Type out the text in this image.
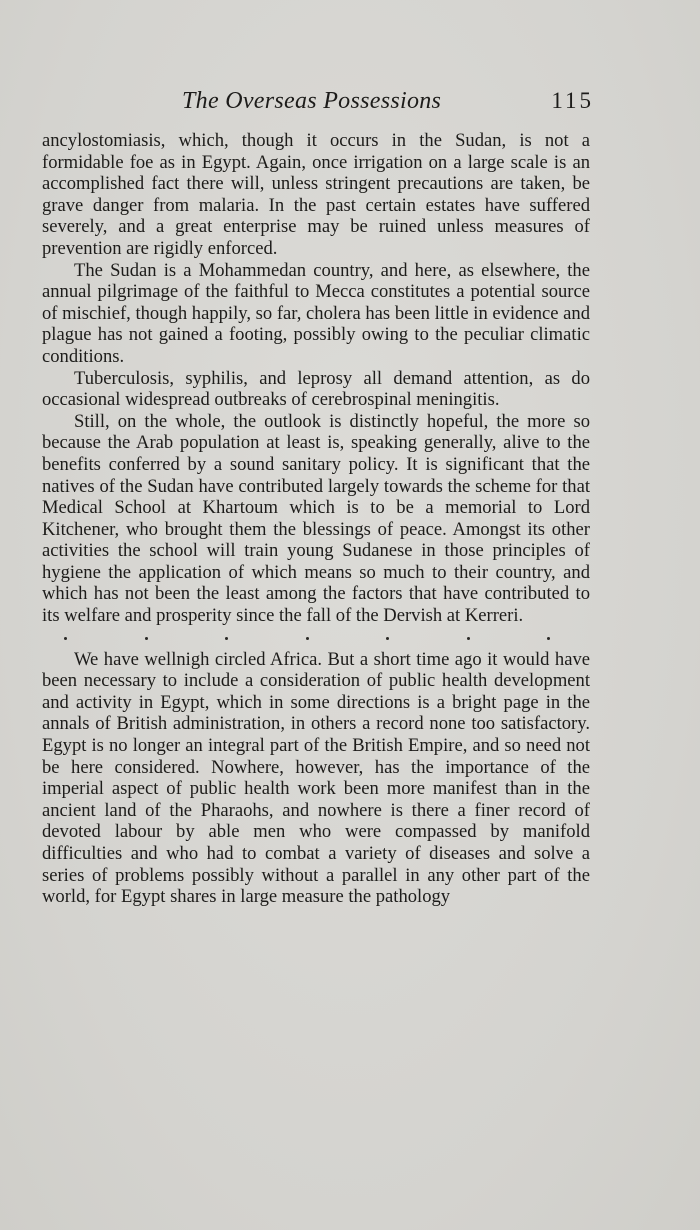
The Overseas Possessions	115

ancylostomiasis, which, though it occurs in the Sudan, is not a formidable foe as in Egypt. Again, once irrigation on a large scale is an accomplished fact there will, unless stringent precautions are taken, be grave danger from malaria. In the past certain estates have suffered severely, and a great enterprise may be ruined unless measures of prevention are rigidly enforced.

The Sudan is a Mohammedan country, and here, as elsewhere, the annual pilgrimage of the faithful to Mecca constitutes a potential source of mischief, though happily, so far, cholera has been little in evidence and plague has not gained a footing, possibly owing to the peculiar climatic conditions.

Tuberculosis, syphilis, and leprosy all demand attention, as do occasional widespread outbreaks of cerebrospinal meningitis.

Still, on the whole, the outlook is distinctly hopeful, the more so because the Arab population at least is, speaking generally, alive to the benefits conferred by a sound sanitary policy. It is significant that the natives of the Sudan have contributed largely towards the scheme for that Medical School at Khartoum which is to be a memorial to Lord Kitchener, who brought them the blessings of peace. Amongst its other activities the school will train young Sudanese in those principles of hygiene the application of which means so much to their country, and which has not been the least among the factors that have contributed to its welfare and prosperity since the fall of the Dervish at Kerreri.

We have wellnigh circled Africa. But a short time ago it would have been necessary to include a consideration of public health development and activity in Egypt, which in some directions is a bright page in the annals of British administration, in others a record none too satisfactory. Egypt is no longer an integral part of the British Empire, and so need not be here considered. Nowhere, however, has the importance of the imperial aspect of public health work been more manifest than in the ancient land of the Pharaohs, and nowhere is there a finer record of devoted labour by able men who were compassed by manifold difficulties and who had to combat a variety of diseases and solve a series of problems possibly without a parallel in any other part of the world, for Egypt shares in large measure the pathology
